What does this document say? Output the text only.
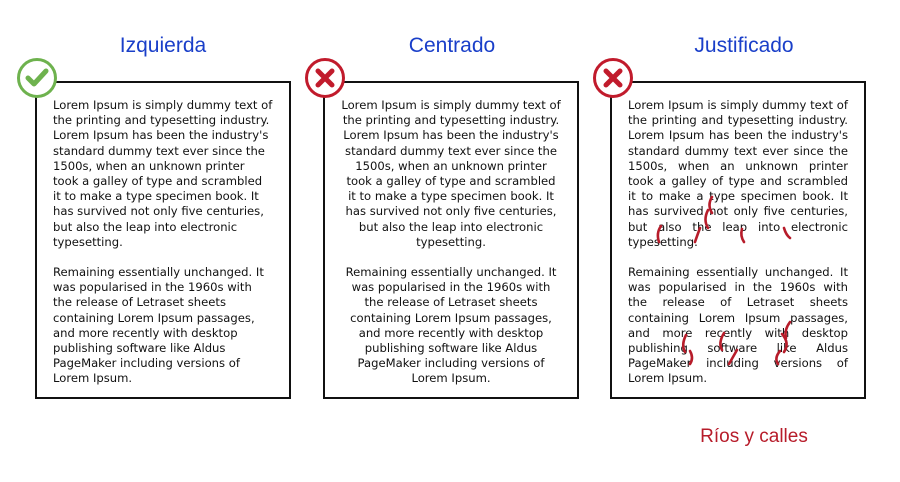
Izquierda	Centrado	Justificado

Lorem Ipsum is simply dummy text of the printing and typesetting industry. Lorem Ipsum has been the industry's standard dummy text ever since the 1500s, when an unknown printer took a galley of type and scrambled it to make a type specimen book. It has survived not only five centuries, but also the leap into electronic typesetting.

Remaining essentially unchanged. It was popularised in the 1960s with the release of Letraset sheets containing Lorem Ipsum passages, and more recently with desktop publishing software like Aldus PageMaker including versions of Lorem Ipsum.

Lorem Ipsum is simply dummy text of the printing and typesetting industry. Lorem Ipsum has been the industry's standard dummy text ever since the 1500s, when an unknown printer took a galley of type and scrambled it to make a type specimen book. It has survived not only five centuries, but also the leap into electronic typesetting.

Remaining essentially unchanged. It was popularised in the 1960s with the release of Letraset sheets containing Lorem Ipsum passages, and more recently with desktop publishing software like Aldus PageMaker including versions of Lorem Ipsum.

Lorem Ipsum is simply dummy text of the printing and typesetting industry. Lorem Ipsum has been the industry's standard dummy text ever since the 1500s, when an unknown printer took a galley of type and scrambled it to make a type specimen book. It has survived not only five centuries, but also the leap into electronic typesetting.

Remaining essentially unchanged. It was popularised in the 1960s with the release of Letraset sheets containing Lorem Ipsum passages, and more recently with desktop publishing software like Aldus PageMaker including versions of Lorem Ipsum.

Ríos y calles
